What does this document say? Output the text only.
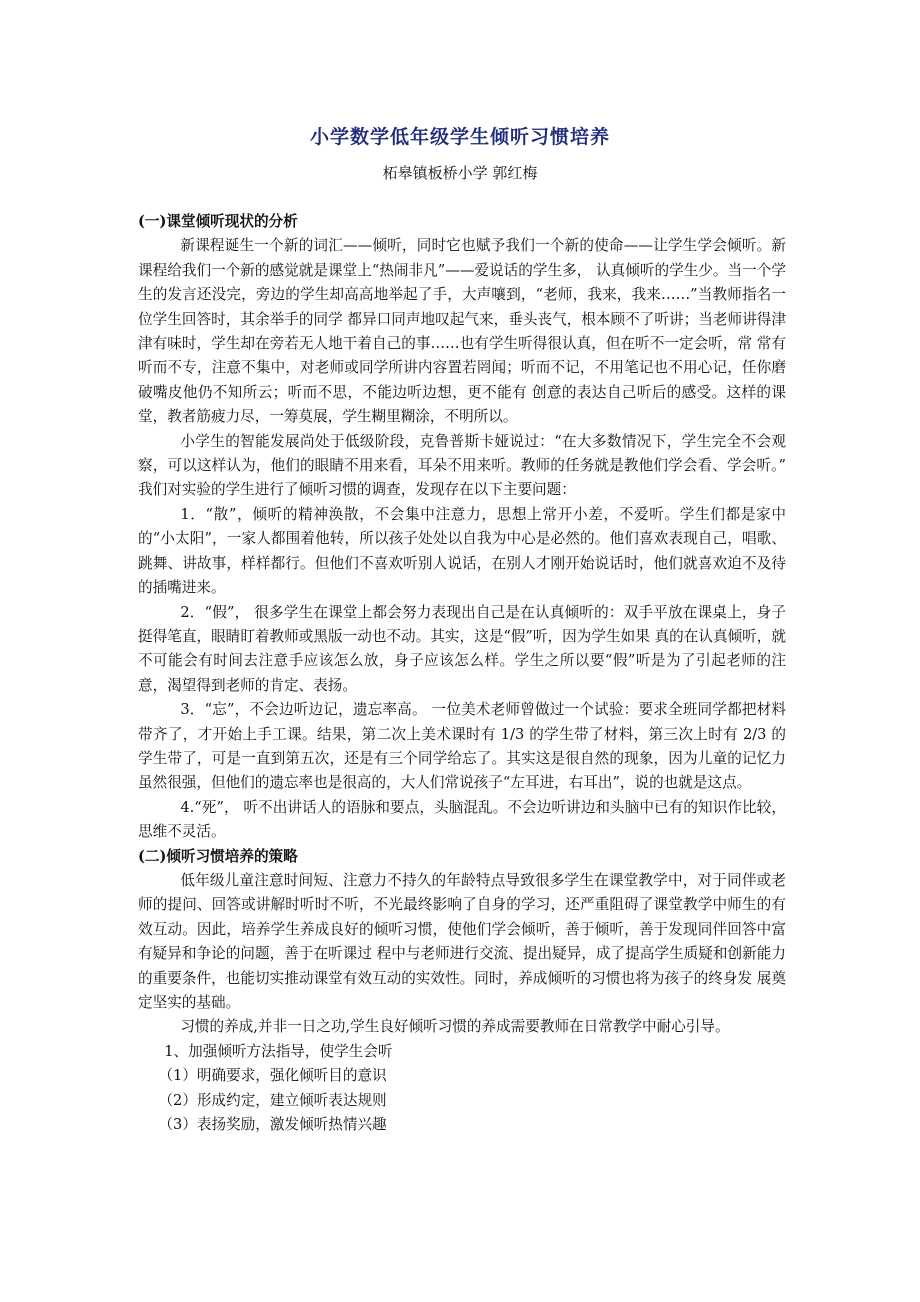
小学数学低年级学生倾听习惯培养
柘皋镇板桥小学 郭红梅

(一)课堂倾听现状的分析

新课程诞生一个新的词汇——倾听，同时它也赋予我们一个新的使命——让学生学会倾听。新课程给我们一个新的感觉就是课堂上“热闹非凡”——爱说话的学生多， 认真倾听的学生少。当一个学生的发言还没完，旁边的学生却高高地举起了手，大声嚷到，“老师，我来，我来……”当教师指名一位学生回答时，其余举手的同学 都异口同声地叹起气来，垂头丧气，根本顾不了听讲；当老师讲得津津有味时，学生却在旁若无人地干着自己的事……也有学生听得很认真，但在听不一定会听，常 常有听而不专，注意不集中，对老师或同学所讲内容置若罔闻；听而不记，不用笔记也不用心记，任你磨破嘴皮他仍不知所云；听而不思，不能边听边想，更不能有 创意的表达自己听后的感受。这样的课堂，教者筋疲力尽，一筹莫展，学生糊里糊涂，不明所以。

小学生的智能发展尚处于低级阶段，克鲁普斯卡娅说过：“在大多数情况下，学生完全不会观察，可以这样认为，他们的眼睛不用来看，耳朵不用来听。教师的任务就是教他们学会看、学会听。” 我们对实验的学生进行了倾听习惯的调查，发现存在以下主要问题：

1．“散”，倾听的精神涣散，不会集中注意力，思想上常开小差，不爱听。学生们都是家中的“小太阳”，一家人都围着他转，所以孩子处处以自我为中心是必然的。他们喜欢表现自己，唱歌、跳舞、讲故事，样样都行。但他们不喜欢听别人说话，在别人才刚开始说话时，他们就喜欢迫不及待的插嘴进来。

2．“假”， 很多学生在课堂上都会努力表现出自己是在认真倾听的：双手平放在课桌上，身子挺得笔直，眼睛盯着教师或黑版一动也不动。其实，这是“假”听，因为学生如果 真的在认真倾听，就不可能会有时间去注意手应该怎么放，身子应该怎么样。学生之所以要“假”听是为了引起老师的注意，渴望得到老师的肯定、表扬。

3．“忘”，不会边听边记，遗忘率高。 一位美术老师曾做过一个试验：要求全班同学都把材料带齐了，才开始上手工课。结果，第二次上美术课时有 1/3 的学生带了材料，第三次上时有 2/3 的学生带了，可是一直到第五次，还是有三个同学给忘了。其实这是很自然的现象，因为儿童的记忆力虽然很强，但他们的遗忘率也是很高的，大人们常说孩子“左耳进，右耳出”，说的也就是这点。

4.“死”， 听不出讲话人的语脉和要点，头脑混乱。不会边听讲边和头脑中已有的知识作比较，思维不灵活。

(二)倾听习惯培养的策略

低年级儿童注意时间短、注意力不持久的年龄特点导致很多学生在课堂教学中，对于同伴或老师的提问、回答或讲解时听时不听，不光最终影响了自身的学习，还严重阻碍了课堂教学中师生的有效互动。因此，培养学生养成良好的倾听习惯，使他们学会倾听，善于倾听，善于发现同伴回答中富有疑异和争论的问题，善于在听课过 程中与老师进行交流、提出疑异，成了提高学生质疑和创新能力的重要条件，也能切实推动课堂有效互动的实效性。同时，养成倾听的习惯也将为孩子的终身发 展奠定坚实的基础。

习惯的养成,并非一日之功,学生良好倾听习惯的养成需要教师在日常教学中耐心引导。

1、加强倾听方法指导，使学生会听

（1）明确要求，强化倾听目的意识

（2）形成约定，建立倾听表达规则

（3）表扬奖励，激发倾听热情兴趣
